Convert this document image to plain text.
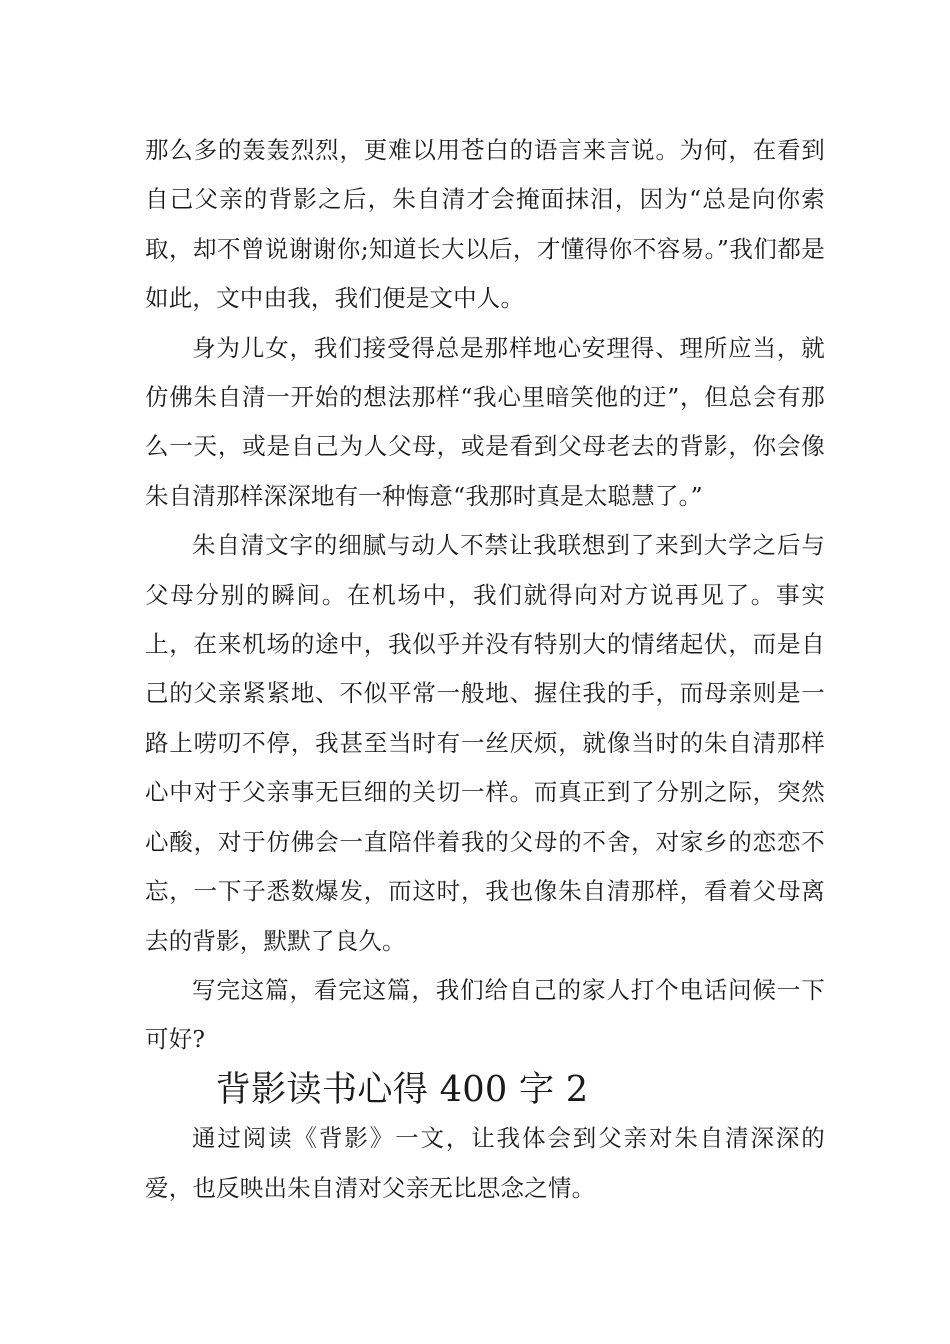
那么多的轰轰烈烈，更难以用苍白的语言来言说。为何，在看到自己父亲的背影之后，朱自清才会掩面抹泪，因为“总是向你索取，却不曾说谢谢你;知道长大以后，才懂得你不容易。”我们都是如此，文中由我，我们便是文中人。

身为儿女，我们接受得总是那样地心安理得、理所应当，就仿佛朱自清一开始的想法那样“我心里暗笑他的迂”，但总会有那么一天，或是自己为人父母，或是看到父母老去的背影，你会像朱自清那样深深地有一种悔意“我那时真是太聪慧了。”

朱自清文字的细腻与动人不禁让我联想到了来到大学之后与父母分别的瞬间。在机场中，我们就得向对方说再见了。事实上，在来机场的途中，我似乎并没有特别大的情绪起伏，而是自己的父亲紧紧地、不似平常一般地、握住我的手，而母亲则是一路上唠叨不停，我甚至当时有一丝厌烦，就像当时的朱自清那样心中对于父亲事无巨细的关切一样。而真正到了分别之际，突然心酸，对于仿佛会一直陪伴着我的父母的不舍，对家乡的恋恋不忘，一下子悉数爆发，而这时，我也像朱自清那样，看着父母离去的背影，默默了良久。

写完这篇，看完这篇，我们给自己的家人打个电话问候一下可好?

背影读书心得 400 字 2

通过阅读《背影》一文，让我体会到父亲对朱自清深深的爱，也反映出朱自清对父亲无比思念之情。
